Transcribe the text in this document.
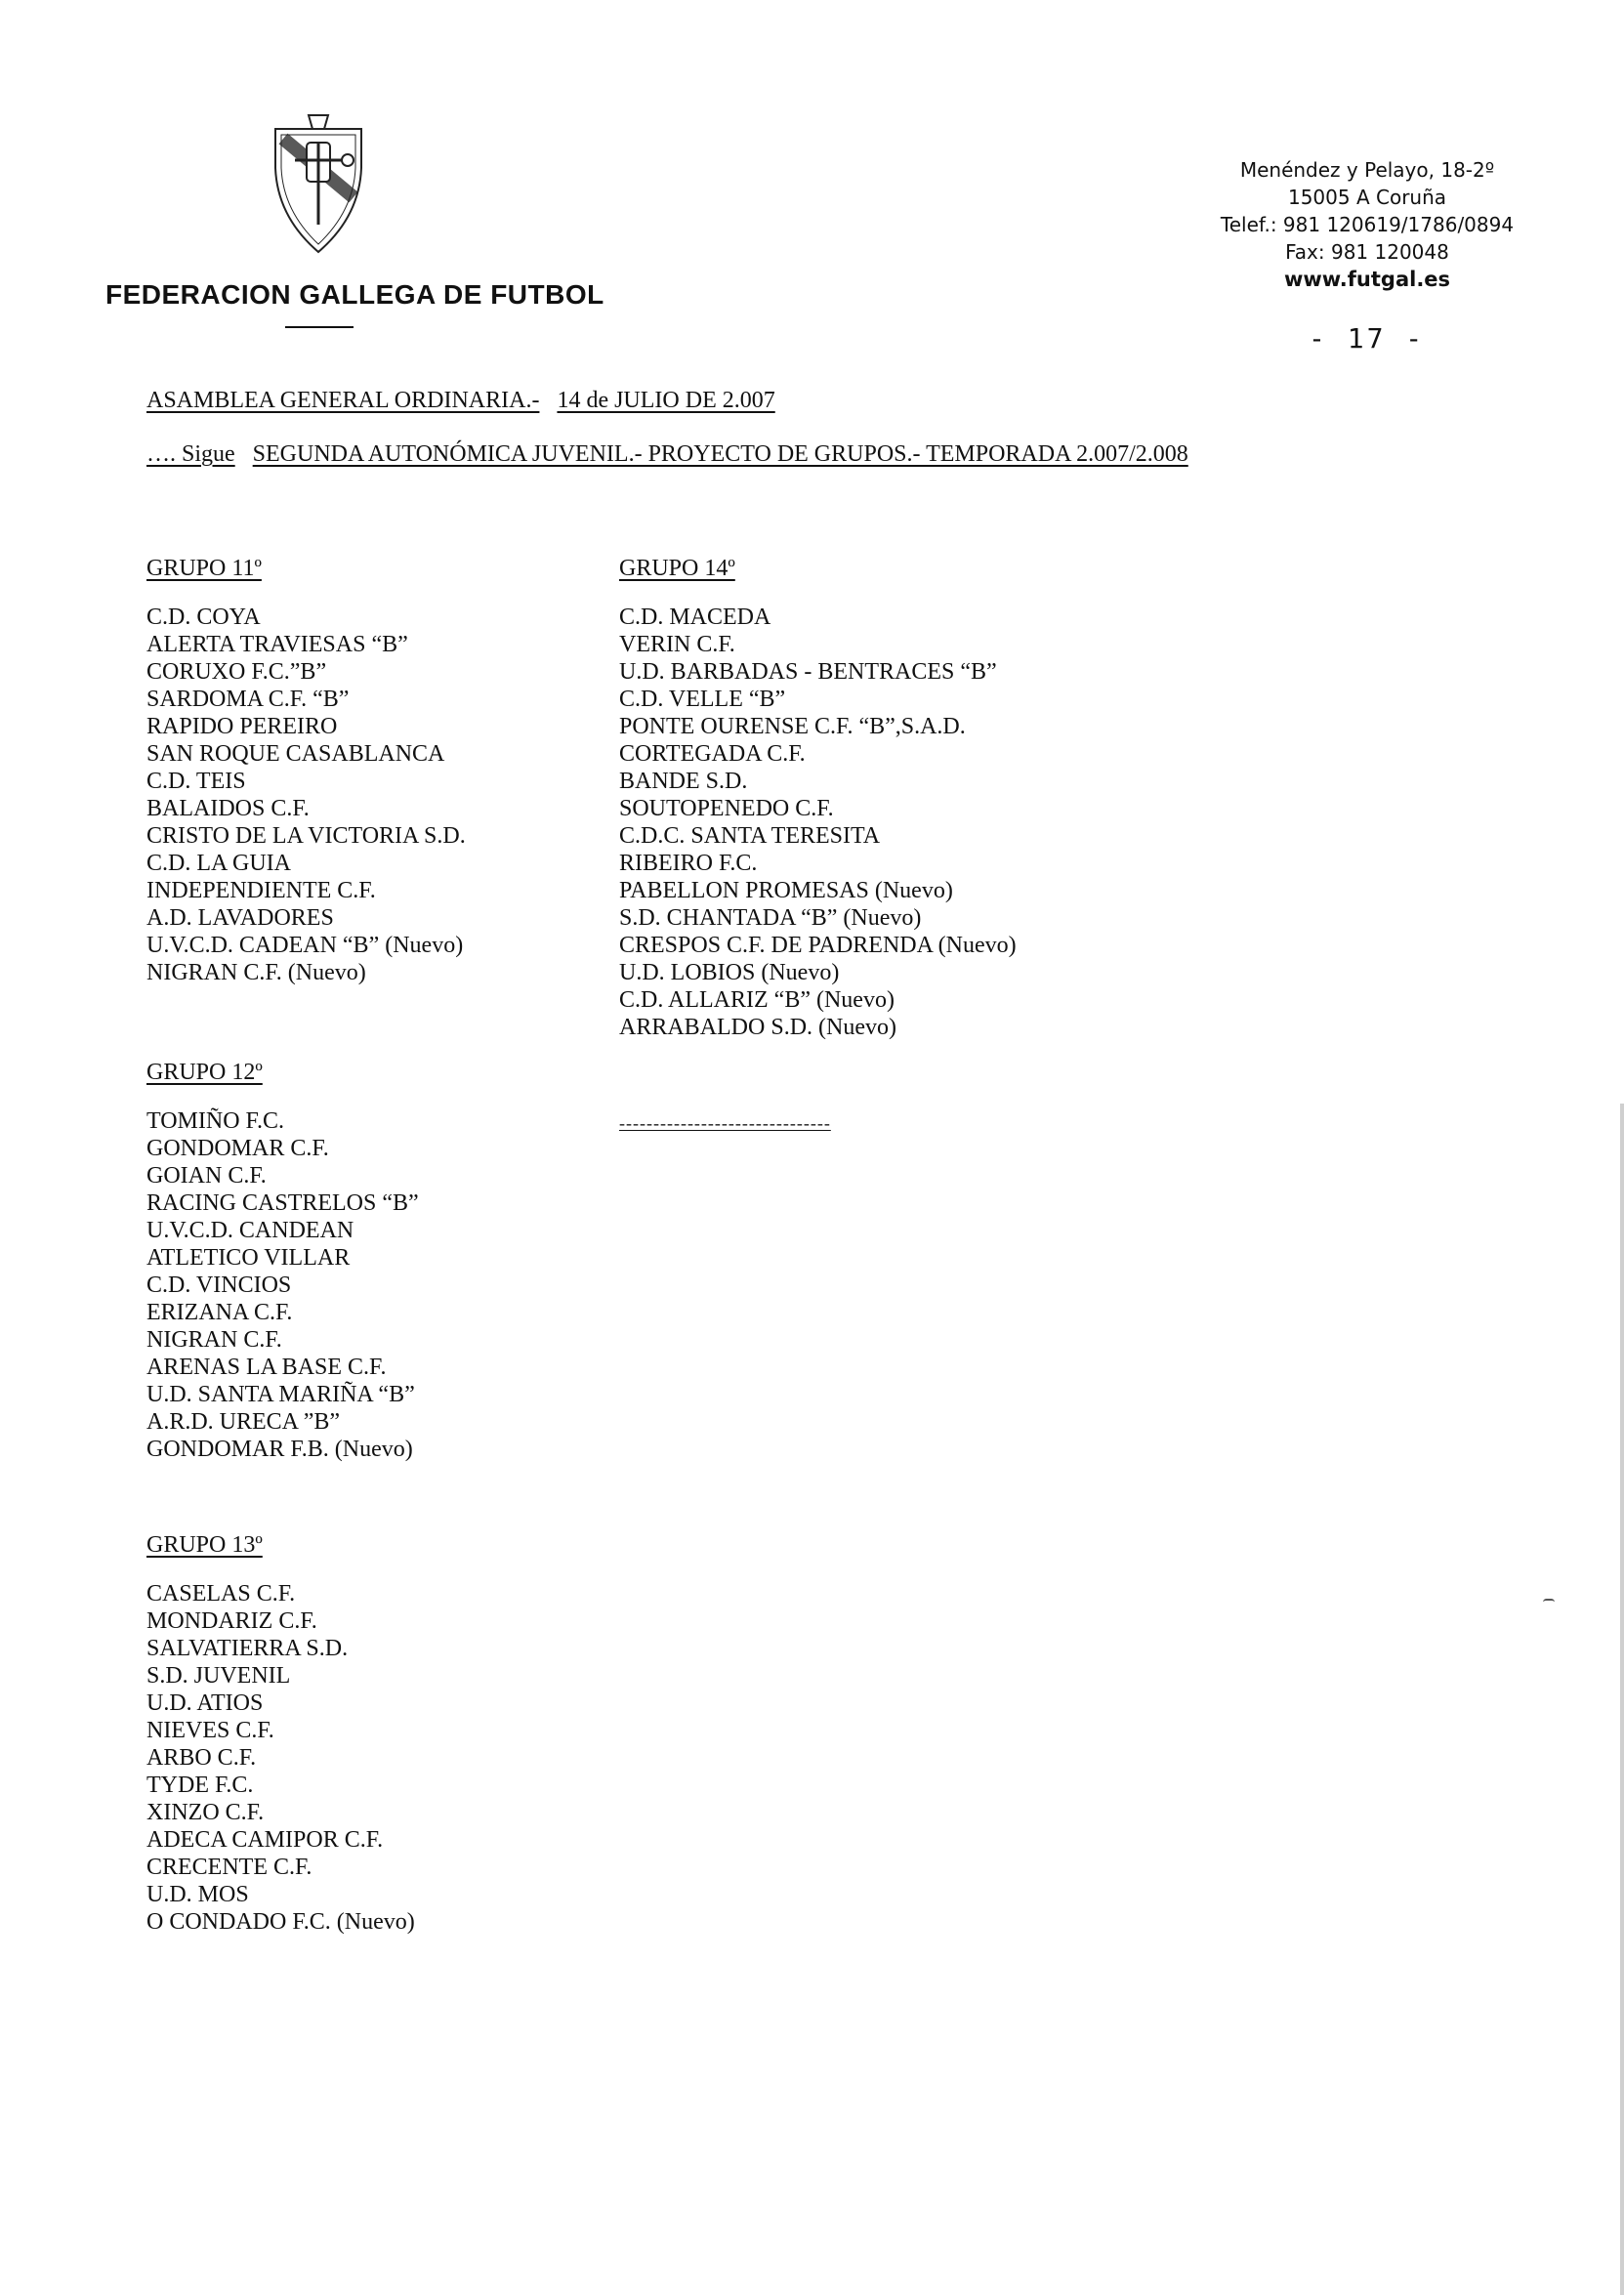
FEDERACION GALLEGA DE FUTBOL
Menéndez y Pelayo, 18-2º
15005 A Coruña
Telef.: 981 120619/1786/0894
Fax: 981 120048
www.futgal.es
- 17 -
ASAMBLEA GENERAL ORDINARIA.- 14 de JULIO DE 2.007
…. Sigue SEGUNDA AUTONÓMICA JUVENIL.- PROYECTO DE GRUPOS.- TEMPORADA 2.007/2.008
GRUPO 11º
C.D. COYA
ALERTA TRAVIESAS “B”
CORUXO F.C.”B”
SARDOMA C.F. “B”
RAPIDO PEREIRO
SAN ROQUE CASABLANCA
C.D. TEIS
BALAIDOS C.F.
CRISTO DE LA VICTORIA S.D.
C.D. LA GUIA
INDEPENDIENTE C.F.
A.D. LAVADORES
U.V.C.D. CADEAN “B” (Nuevo)
NIGRAN C.F. (Nuevo)
GRUPO 12º
TOMIÑO F.C.
GONDOMAR C.F.
GOIAN C.F.
RACING CASTRELOS “B”
U.V.C.D. CANDEAN
ATLETICO VILLAR
C.D. VINCIOS
ERIZANA C.F.
NIGRAN C.F.
ARENAS LA BASE C.F.
U.D. SANTA MARIÑA “B”
A.R.D. URECA ”B”
GONDOMAR F.B. (Nuevo)
GRUPO 13º
CASELAS C.F.
MONDARIZ C.F.
SALVATIERRA S.D.
S.D. JUVENIL
U.D. ATIOS
NIEVES C.F.
ARBO C.F.
TYDE F.C.
XINZO C.F.
ADECA CAMIPOR C.F.
CRECENTE C.F.
U.D. MOS
O CONDADO F.C. (Nuevo)
GRUPO 14º
C.D. MACEDA
VERIN C.F.
U.D. BARBADAS - BENTRACES “B”
C.D. VELLE “B”
PONTE OURENSE C.F. “B”,S.A.D.
CORTEGADA C.F.
BANDE S.D.
SOUTOPENEDO C.F.
C.D.C. SANTA TERESITA
RIBEIRO F.C.
PABELLON PROMESAS (Nuevo)
S.D. CHANTADA “B” (Nuevo)
CRESPOS C.F. DE PADRENDA (Nuevo)
U.D. LOBIOS (Nuevo)
C.D. ALLARIZ “B” (Nuevo)
ARRABALDO S.D. (Nuevo)
-------------------------------
